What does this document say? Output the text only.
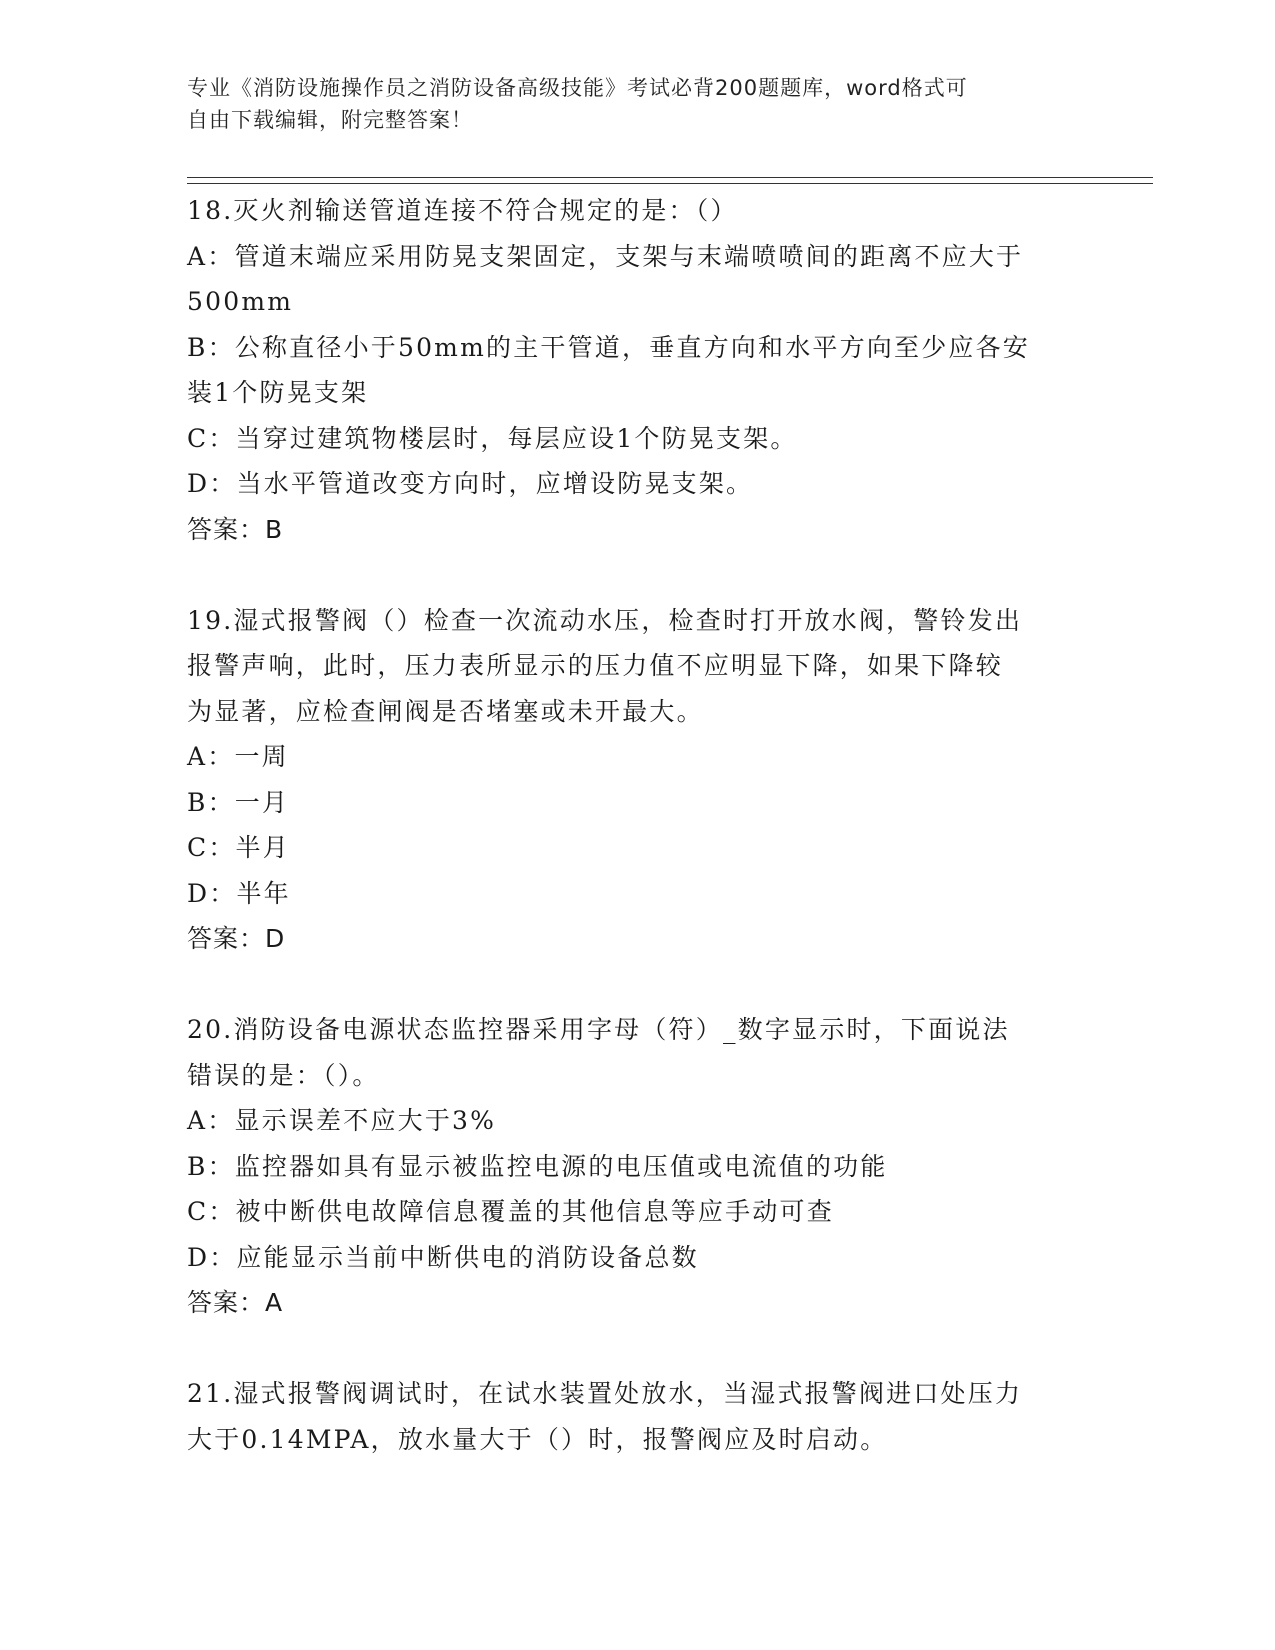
专业《消防设施操作员之消防设备高级技能》考试必背200题题库，word格式可
自由下载编辑，附完整答案！
18.灭火剂输送管道连接不符合规定的是：（）
A：管道末端应采用防晃支架固定，支架与末端喷喷间的距离不应大于
500mm
B：公称直径小于50mm的主干管道，垂直方向和水平方向至少应各安
装1个防晃支架
C：当穿过建筑物楼层时，每层应设1个防晃支架。
D：当水平管道改变方向时，应增设防晃支架。
答案：B
19.湿式报警阀（）检查一次流动水压，检查时打开放水阀，警铃发出
报警声响，此时，压力表所显示的压力值不应明显下降，如果下降较
为显著，应检查闸阀是否堵塞或未开最大。
A：一周
B：一月
C：半月
D：半年
答案：D
20.消防设备电源状态监控器采用字母（符）_数字显示时，下面说法
错误的是：（）。
A：显示误差不应大于3%
B：监控器如具有显示被监控电源的电压值或电流值的功能
C：被中断供电故障信息覆盖的其他信息等应手动可查
D：应能显示当前中断供电的消防设备总数
答案：A
21.湿式报警阀调试时，在试水装置处放水，当湿式报警阀进口处压力
大于0.14MPA，放水量大于（）时，报警阀应及时启动。
